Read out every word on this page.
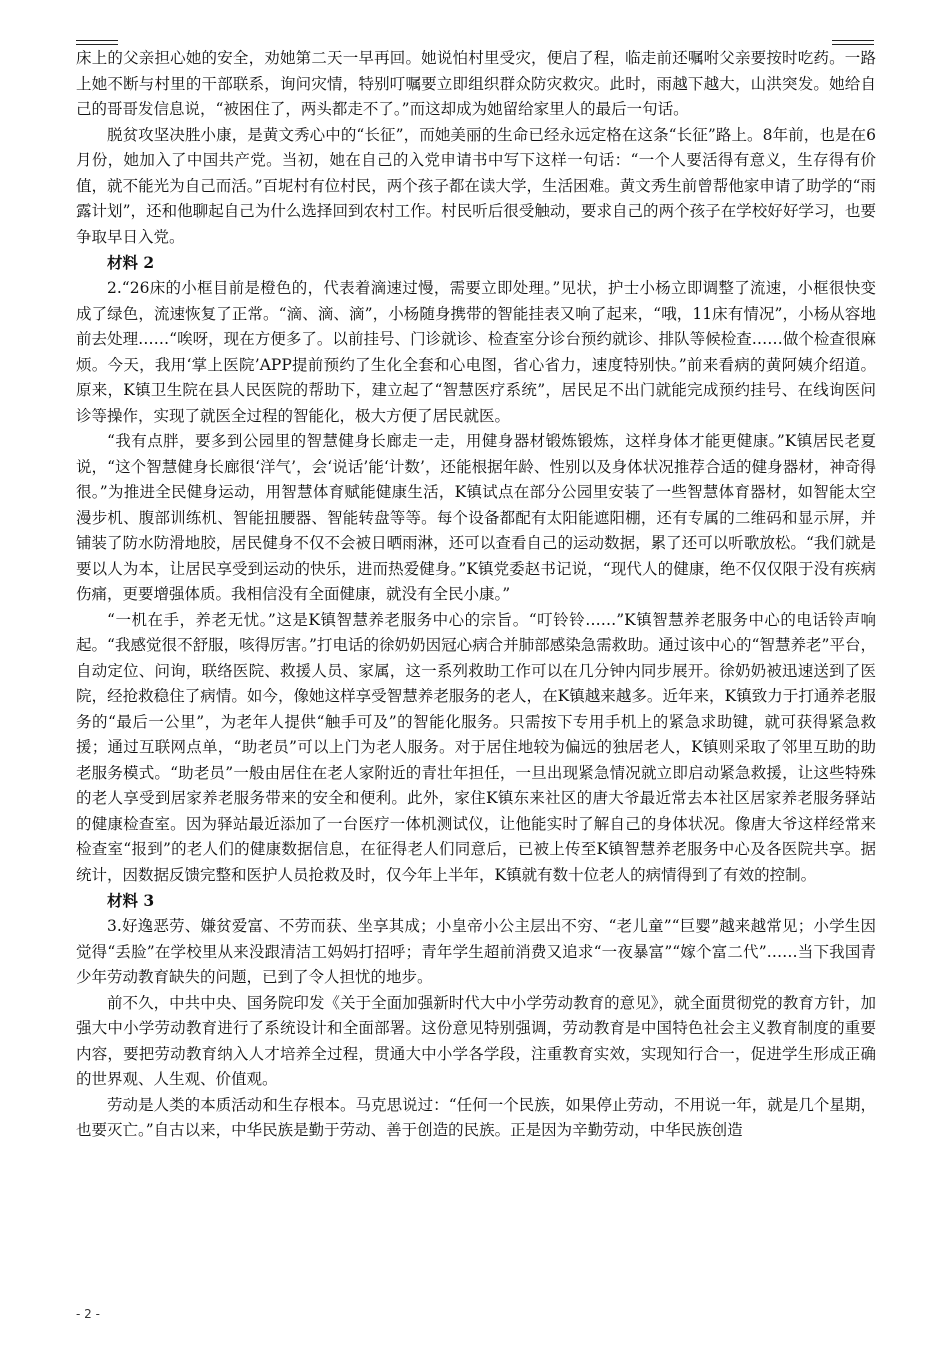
床上的父亲担心她的安全，劝她第二天一早再回。她说怕村里受灾，便启了程，临走前还嘱咐父亲要按时吃药。一路上她不断与村里的干部联系，询问灾情，特别叮嘱要立即组织群众防灾救灾。此时，雨越下越大，山洪突发。她给自己的哥哥发信息说，“被困住了，两头都走不了。”而这却成为她留给家里人的最后一句话。

脱贫攻坚决胜小康，是黄文秀心中的“长征”，而她美丽的生命已经永远定格在这条“长征”路上。8年前，也是在6月份，她加入了中国共产党。当初，她在自己的入党申请书中写下这样一句话：“一个人要活得有意义，生存得有价值，就不能光为自己而活。”百坭村有位村民，两个孩子都在读大学，生活困难。黄文秀生前曾帮他家申请了助学的“雨露计划”，还和他聊起自己为什么选择回到农村工作。村民听后很受触动，要求自己的两个孩子在学校好好学习，也要争取早日入党。

材料 2

2.“26床的小框目前是橙色的，代表着滴速过慢，需要立即处理。”见状，护士小杨立即调整了流速，小框很快变成了绿色，流速恢复了正常。“滴、滴、滴”，小杨随身携带的智能挂表又响了起来，“哦，11床有情况”，小杨从容地前去处理……“唉呀，现在方便多了。以前挂号、门诊就诊、检查室分诊台预约就诊、排队等候检查……做个检查很麻烦。今天，我用‘掌上医院’APP提前预约了生化全套和心电图，省心省力，速度特别快。”前来看病的黄阿姨介绍道。原来，K镇卫生院在县人民医院的帮助下，建立起了“智慧医疗系统”，居民足不出门就能完成预约挂号、在线询医问诊等操作，实现了就医全过程的智能化，极大方便了居民就医。

“我有点胖，要多到公园里的智慧健身长廊走一走，用健身器材锻炼锻炼，这样身体才能更健康。”K镇居民老夏说，“这个智慧健身长廊很‘洋气’，会‘说话’能‘计数’，还能根据年龄、性别以及身体状况推荐合适的健身器材，神奇得很。”为推进全民健身运动，用智慧体育赋能健康生活，K镇试点在部分公园里安装了一些智慧体育器材，如智能太空漫步机、腹部训练机、智能扭腰器、智能转盘等等。每个设备都配有太阳能遮阳棚，还有专属的二维码和显示屏，并铺装了防水防滑地胶，居民健身不仅不会被日晒雨淋，还可以查看自己的运动数据，累了还可以听歌放松。“我们就是要以人为本，让居民享受到运动的快乐，进而热爱健身。”K镇党委赵书记说，“现代人的健康，绝不仅仅限于没有疾病伤痛，更要增强体质。我相信没有全面健康，就没有全民小康。”

“一机在手，养老无忧。”这是K镇智慧养老服务中心的宗旨。“叮铃铃……”K镇智慧养老服务中心的电话铃声响起。“我感觉很不舒服，咳得厉害。”打电话的徐奶奶因冠心病合并肺部感染急需救助。通过该中心的“智慧养老”平台，自动定位、问询，联络医院、救援人员、家属，这一系列救助工作可以在几分钟内同步展开。徐奶奶被迅速送到了医院，经抢救稳住了病情。如今，像她这样享受智慧养老服务的老人，在K镇越来越多。近年来，K镇致力于打通养老服务的“最后一公里”，为老年人提供“触手可及”的智能化服务。只需按下专用手机上的紧急求助键，就可获得紧急救援；通过互联网点单，“助老员”可以上门为老人服务。对于居住地较为偏远的独居老人，K镇则采取了邻里互助的助老服务模式。“助老员”一般由居住在老人家附近的青壮年担任，一旦出现紧急情况就立即启动紧急救援，让这些特殊的老人享受到居家养老服务带来的安全和便利。此外，家住K镇东来社区的唐大爷最近常去本社区居家养老服务驿站的健康检查室。因为驿站最近添加了一台医疗一体机测试仪，让他能实时了解自己的身体状况。像唐大爷这样经常来检查室“报到”的老人们的健康数据信息，在征得老人们同意后，已被上传至K镇智慧养老服务中心及各医院共享。据统计，因数据反馈完整和医护人员抢救及时，仅今年上半年，K镇就有数十位老人的病情得到了有效的控制。

材料 3

3.好逸恶劳、嫌贫爱富、不劳而获、坐享其成；小皇帝小公主层出不穷、“老儿童”“巨婴”越来越常见；小学生因觉得“丢脸”在学校里从来没跟清洁工妈妈打招呼；青年学生超前消费又追求“一夜暴富”“嫁个富二代”……当下我国青少年劳动教育缺失的问题，已到了令人担忧的地步。

前不久，中共中央、国务院印发《关于全面加强新时代大中小学劳动教育的意见》，就全面贯彻党的教育方针，加强大中小学劳动教育进行了系统设计和全面部署。这份意见特别强调，劳动教育是中国特色社会主义教育制度的重要内容，要把劳动教育纳入人才培养全过程，贯通大中小学各学段，注重教育实效，实现知行合一，促进学生形成正确的世界观、人生观、价值观。

劳动是人类的本质活动和生存根本。马克思说过：“任何一个民族，如果停止劳动，不用说一年，就是几个星期，也要灭亡。”自古以来，中华民族是勤于劳动、善于创造的民族。正是因为辛勤劳动，中华民族创造

- 2 -
